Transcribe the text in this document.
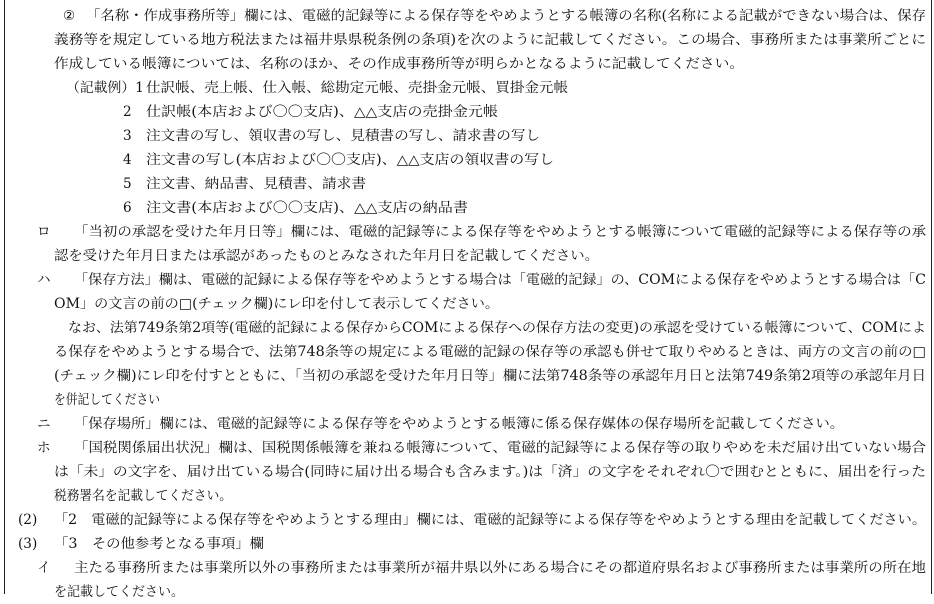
② 「名称・作成事務所等」欄には、電磁的記録等による保存等をやめようとする帳簿の名称(名称による記載ができない場合は、保存
義務等を規定している地方税法または福井県県税条例の条項)を次のように記載してください。この場合、事務所または事業所ごとに
作成している帳簿については、名称のほか、その作成事務所等が明らかとなるように記載してください。
（記載例）1 仕訳帳、売上帳、仕入帳、総勘定元帳、売掛金元帳、買掛金元帳
2 仕訳帳(本店および〇〇支店)、△△支店の売掛金元帳
3 注文書の写し、領収書の写し、見積書の写し、請求書の写し
4 注文書の写し(本店および〇〇支店)、△△支店の領収書の写し
5 注文書、納品書、見積書、請求書
6 注文書(本店および〇〇支店)、△△支店の納品書
ロ 「当初の承認を受けた年月日等」欄には、電磁的記録等による保存等をやめようとする帳簿について電磁的記録等による保存等の承
認を受けた年月日または承認があったものとみなされた年月日を記載してください。
ハ 「保存方法」欄は、電磁的記録による保存等をやめようとする場合は「電磁的記録」の、COMによる保存をやめようとする場合は「C
OM」の文言の前の□(チェック欄)にレ印を付して表示してください。
なお、法第749条第2項等(電磁的記録による保存からCOMによる保存への保存方法の変更)の承認を受けている帳簿について、COMによ
る保存をやめようとする場合で、法第748条等の規定による電磁的記録の保存等の承認も併せて取りやめるときは、両方の文言の前の□
(チェック欄)にレ印を付すとともに、「当初の承認を受けた年月日等」欄に法第748条等の承認年月日と法第749条第2項等の承認年月日
を併記してください
ニ 「保存場所」欄には、電磁的記録等による保存等をやめようとする帳簿に係る保存媒体の保存場所を記載してください。
ホ 「国税関係届出状況」欄は、国税関係帳簿を兼ねる帳簿について、電磁的記録等による保存等の取りやめを未だ届け出ていない場合
は「未」の文字を、届け出ている場合(同時に届け出る場合も含みます。)は「済」の文字をそれぞれ〇で囲むとともに、届出を行った
税務署名を記載してください。
(2) 「2　電磁的記録等による保存等をやめようとする理由」欄には、電磁的記録等による保存等をやめようとする理由を記載してください。
(3) 「3　その他参考となる事項」欄
イ 主たる事務所または事業所以外の事務所または事業所が福井県以外にある場合にその都道府県名および事務所または事業所の所在地
を記載してください。
